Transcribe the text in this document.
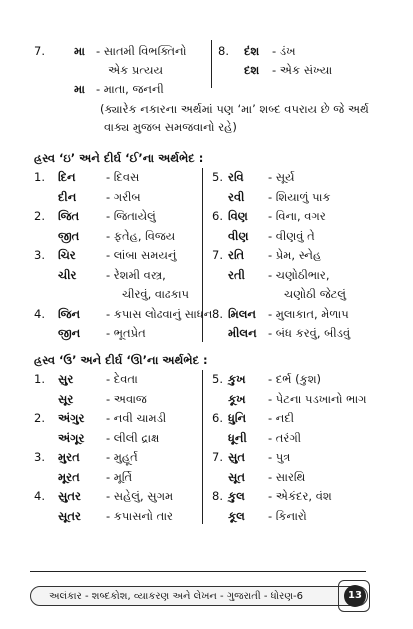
7.	મા - સાતમી વિભક્તિનો
એક પ્રત્યય
મા - માતા, જનની
8. દંશ - ડંખ
દશ - એક સંખ્યા
(ક્યારેક નકારના અર્થમાં પણ ‘મા’ શબ્દ વપરાય છે જે અર્થ
વાક્ય મુજબ સમજવાનો રહે)
હ્રસ્વ ‘ઇ’ અને દીર્ઘ ‘ઈ’ના અર્થભેદ :
1. દિન	- દિવસ
દીન	- ગરીબ
2. જિત - જિતાયેલું
જીત - ફતેહ, વિજય
3. ચિર	- લાંબા સમયનું
ચીર	- રેશમી વસ્ત્ર,
ચીરવું, વાઢકાપ
4. જિન - કપાસ લોઢવાનું સાધન
જીન - ભૂતપ્રેત
5. રવિ - સૂર્ય
રવી - શિયાળું પાક
6. વિણ - વિના, વગર
વીણ - વીણવું તે
7. રતિ - પ્રેમ, સ્નેહ
રતી - ચણોઠીભાર,
ચણોઠી જેટલું
8. મિલન - મુલાકાત, મેળાપ
મીલન - બંધ કરવું, બીડવું
હ્રસ્વ ‘ઉ’ અને દીર્ઘ ‘ઊ’ના અર્થભેદ :
1. સુર	- દેવતા
સૂર	- અવાજ
2. અંગુર - નવી ચામડી
અંગૂર - લીલી દ્રાક્ષ
3. મુરત - મુહૂર્ત
મૂરત - મૂર્તિ
4. સુતર - સહેલું, સુગમ
સૂતર - કપાસનો તાર
5. કુખ - દર્ભ (કુશ)
કૂખ - પેટના પડખાનો ભાગ
6. ધુનિ - નદી
ધૂની - તરંગી
7. સુત - પુત્ર
સૂત - સારથિ
8. કુલ - એકંદર, વંશ
કૂલ - કિનારો
અલંકાર - શબ્દકોશ, વ્યાકરણ અને લેખન - ગુજરાતી - ધોરણ-6	13
